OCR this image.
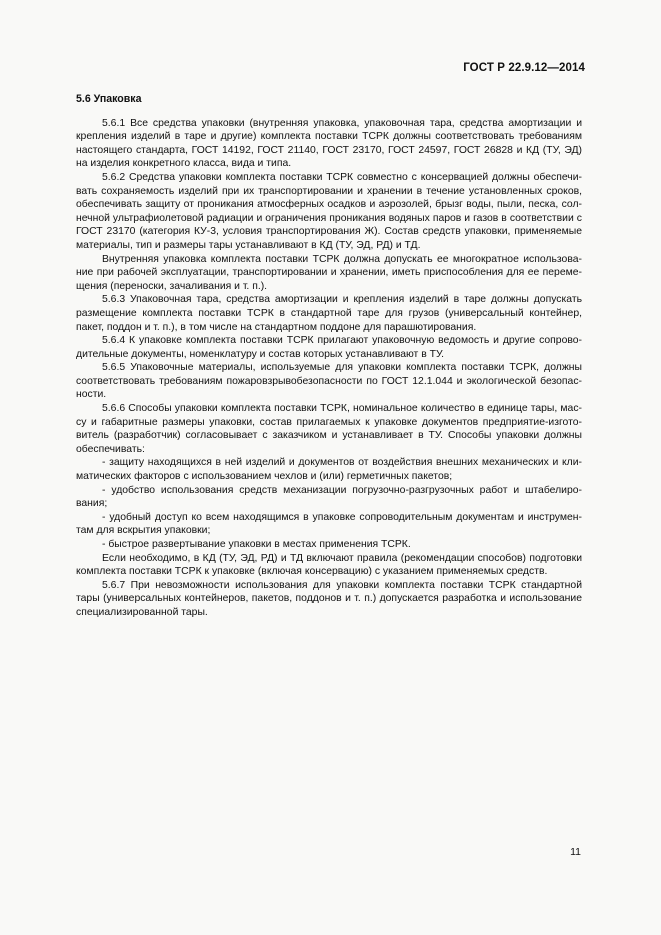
ГОСТ Р 22.9.12—2014
5.6 Упаковка

5.6.1 Все средства упаковки (внутренняя упаковка, упаковочная тара, средства амортизации и крепления изделий в таре и другие) комплекта поставки ТСРК должны соответствовать требованиям настоящего стандарта, ГОСТ 14192, ГОСТ 21140, ГОСТ 23170, ГОСТ 24597, ГОСТ 26828 и КД (ТУ, ЭД) на изделия конкретного класса, вида и типа.

5.6.2 Средства упаковки комплекта поставки ТСРК совместно с консервацией должны обеспечивать сохраняемость изделий при их транспортировании и хранении в течение установленных сроков, обеспечивать защиту от проникания атмосферных осадков и аэрозолей, брызг воды, пыли, песка, солнечной ультрафиолетовой радиации и ограничения проникания водяных паров и газов в соответствии с ГОСТ 23170 (категория КУ-3, условия транспортирования Ж). Состав средств упаковки, применяемые материалы, тип и размеры тары устанавливают в КД (ТУ, ЭД, РД) и ТД.

Внутренняя упаковка комплекта поставки ТСРК должна допускать ее многократное использование при рабочей эксплуатации, транспортировании и хранении, иметь приспособления для ее перемещения (переноски, зачаливания и т. п.).

5.6.3 Упаковочная тара, средства амортизации и крепления изделий в таре должны допускать размещение комплекта поставки ТСРК в стандартной таре для грузов (универсальный контейнер, пакет, поддон и т. п.), в том числе на стандартном поддоне для парашютирования.

5.6.4 К упаковке комплекта поставки ТСРК прилагают упаковочную ведомость и другие сопроводительные документы, номенклатуру и состав которых устанавливают в ТУ.

5.6.5 Упаковочные материалы, используемые для упаковки комплекта поставки ТСРК, должны соответствовать требованиям пожаровзрывобезопасности по ГОСТ 12.1.044 и экологической безопасности.

5.6.6 Способы упаковки комплекта поставки ТСРК, номинальное количество в единице тары, массу и габаритные размеры упаковки, состав прилагаемых к упаковке документов предприятие-изготовитель (разработчик) согласовывает с заказчиком и устанавливает в ТУ. Способы упаковки должны обеспечивать:

- защиту находящихся в ней изделий и документов от воздействия внешних механических и климатических факторов с использованием чехлов и (или) герметичных пакетов;

- удобство использования средств механизации погрузочно-разгрузочных работ и штабелирования;

- удобный доступ ко всем находящимся в упаковке сопроводительным документам и инструментам для вскрытия упаковки;

- быстрое развертывание упаковки в местах применения ТСРК.

Если необходимо, в КД (ТУ, ЭД, РД) и ТД включают правила (рекомендации способов) подготовки комплекта поставки ТСРК к упаковке (включая консервацию) с указанием применяемых средств.

5.6.7 При невозможности использования для упаковки комплекта поставки ТСРК стандартной тары (универсальных контейнеров, пакетов, поддонов и т. п.) допускается разработка и использование специализированной тары.

11
